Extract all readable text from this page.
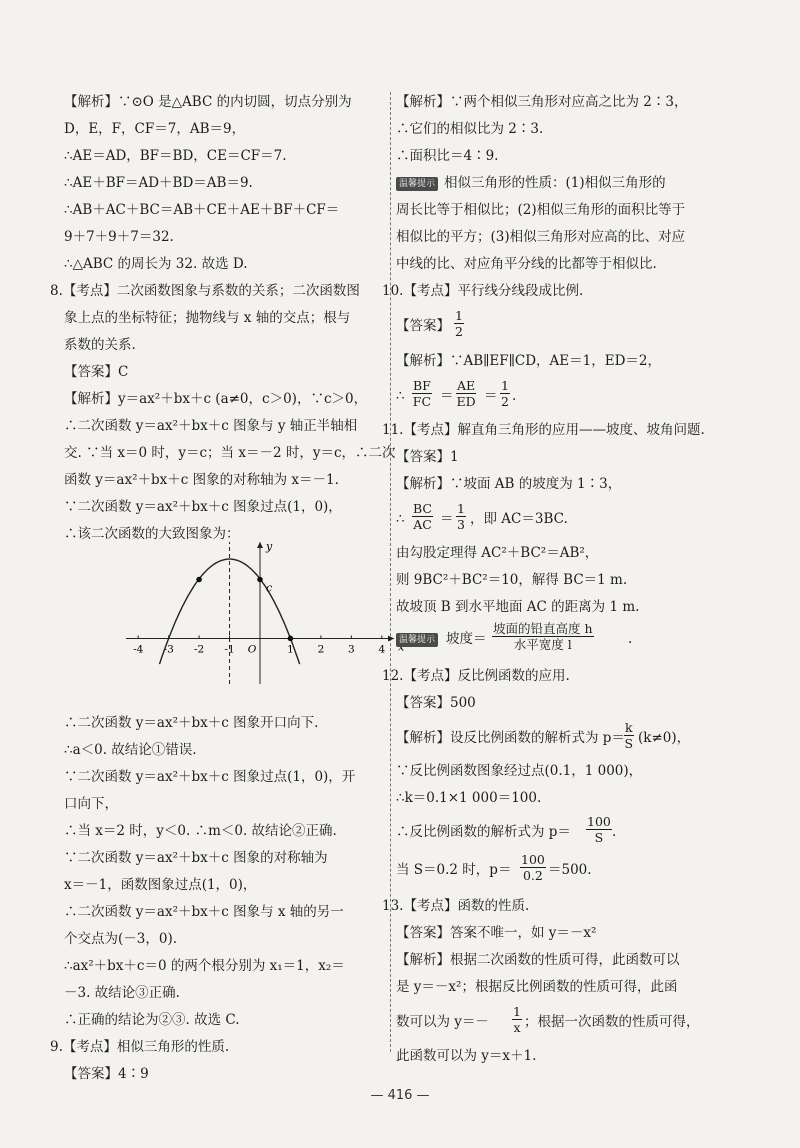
【解析】∵⊙O 是△ABC 的内切圆，切点分别为
D，E，F，CF＝7，AB＝9，
∴AE＝AD，BF＝BD，CE＝CF＝7.
∴AE＋BF＝AD＋BD＝AB＝9.
∴AB＋AC＋BC＝AB＋CE＋AE＋BF＋CF＝
9＋7＋9＋7＝32.
∴△ABC 的周长为 32. 故选 D.
8.【考点】二次函数图象与系数的关系；二次函数图
象上点的坐标特征；抛物线与 x 轴的交点；根与
系数的关系.
【答案】C
【解析】y＝ax²＋bx＋c (a≠0，c＞0)，∵c＞0，
∴二次函数 y＝ax²＋bx＋c 图象与 y 轴正半轴相
交. ∵当 x＝0 时，y＝c；当 x＝－2 时，y＝c，∴二次
函数 y＝ax²＋bx＋c 图象的对称轴为 x＝－1.
∵二次函数 y＝ax²＋bx＋c 图象过点(1，0)，
∴该二次函数的大致图象为：
-4 -3 -2 -1 O	1 2 3 4
c
y
∴二次函数 y＝ax²＋bx＋c 图象开口向下.
∴a＜0. 故结论①错误.
∵二次函数 y＝ax²＋bx＋c 图象过点(1，0)，开
口向下，
∴当 x＝2 时，y＜0. ∴m＜0. 故结论②正确.
∵二次函数 y＝ax²＋bx＋c 图象的对称轴为
x＝－1，函数图象过点(1，0)，
∴二次函数 y＝ax²＋bx＋c 图象与 x 轴的另一
个交点为(－3，0).
∴ax²＋bx＋c＝0 的两个根分别为 x₁＝1，x₂＝
－3. 故结论③正确.
∴正确的结论为②③. 故选 C.
9.【考点】相似三角形的性质.
【答案】4∶9
【解析】∵两个相似三角形对应高之比为 2∶3，
∴它们的相似比为 2∶3.
∴面积比＝4∶9.
温馨提示 相似三角形的性质：(1)相似三角形的
周长比等于相似比；(2)相似三角形的面积比等于
相似比的平方；(3)相似三角形对应高的比、对应
中线的比、对应角平分线的比都等于相似比.
10.【考点】平行线分线段成比例.
【答案】 $\frac{1}{2}$
【解析】∵AB∥EF∥CD，AE＝1，ED＝2，
∴ $\frac{BF}{FC} = \frac{AE}{ED} = \frac{1}{2}$ .
11.【考点】解直角三角形的应用——坡度、坡角问题.
【答案】1
【解析】∵坡面 AB 的坡度为 1∶3，
∴ $\frac{BC}{AC} = \frac{1}{3}$ ，即 AC＝3BC.
由勾股定理得 AC²＋BC²＝AB²，
则 9BC²＋BC²＝10，解得 BC＝1 m.
故坡顶 B 到水平地面 AC 的距离为 1 m.
温馨提示 坡度＝
坡面的铅直高度 h
水平宽度 l	.
12.【考点】反比例函数的应用.
【答案】500
【解析】设反比例函数的解析式为 $p= \frac{k}{S} (k\ne 0)$，
∵反比例函数图象经过点(0.1，1 000)，
∴k＝0.1×1 000＝100.
∴反比例函数的解析式为 $p= \frac{100}{S}$ .
当 S＝0.2 时，$p= \frac{100}{0.2} =500$.
13.【考点】函数的性质.
【答案】答案不唯一，如 y＝－x²
【解析】根据二次函数的性质可得，此函数可以
是 y＝－x²；根据反比例函数的性质可得，此函
数可以为 $y=- \frac{1}{x}$ ；根据一次函数的性质可得，
此函数可以为 y＝x＋1.
— 416 —
